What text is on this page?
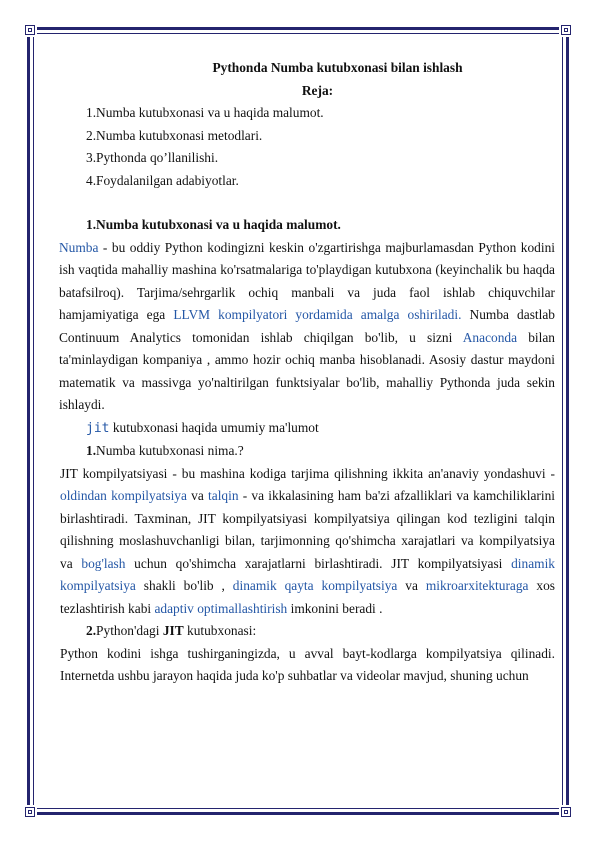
Pythonda Numba kutubxonasi bilan ishlash

Reja:

1.Numba kutubxonasi va u haqida malumot.

2.Numba kutubxonasi metodlari.

3.Pythonda qo’llanilishi.

4.Foydalanilgan adabiyotlar.

1.Numba kutubxonasi va u haqida malumot.

Numba - bu oddiy Python kodingizni keskin o'zgartirishga majburlamasdan Python kodini ish vaqtida mahalliy mashina ko'rsatmalariga to'playdigan kutubxona (keyinchalik bu haqda batafsilroq). Tarjima/sehrgarlik ochiq manbali va juda faol ishlab chiquvchilar hamjamiyatiga ega LLVM kompilyatori yordamida amalga oshiriladi. Numba dastlab Continuum Analytics tomonidan ishlab chiqilgan bo'lib, u sizni Anaconda bilan ta'minlaydigan kompaniya , ammo hozir ochiq manba hisoblanadi. Asosiy dastur maydoni matematik va massivga yo'naltirilgan funktsiyalar bo'lib, mahalliy Pythonda juda sekin ishlaydi.

jit kutubxonasi haqida umumiy ma'lumot

1.Numba kutubxonasi nima.?

JIT kompilyatsiyasi - bu mashina kodiga tarjima qilishning ikkita an'anaviy yondashuvi - oldindan kompilyatsiya va talqin - va ikkalasining ham ba'zi afzalliklari va kamchiliklarini birlashtiradi. Taxminan, JIT kompilyatsiyasi kompilyatsiya qilingan kod tezligini talqin qilishning moslashuvchanligi bilan, tarjimonning qo'shimcha xarajatlari va kompilyatsiya va bog'lash uchun qo'shimcha xarajatlarni birlashtiradi. JIT kompilyatsiyasi dinamik kompilyatsiya shakli bo'lib , dinamik qayta kompilyatsiya va mikroarxitekturaga xos tezlashtirish kabi adaptiv optimallashtirish imkonini beradi .

2.Python'dagi JIT kutubxonasi:

Python kodini ishga tushirganingizda, u avval bayt-kodlarga kompilyatsiya qilinadi. Internetda ushbu jarayon haqida juda ko'p suhbatlar va videolar mavjud, shuning uchun
